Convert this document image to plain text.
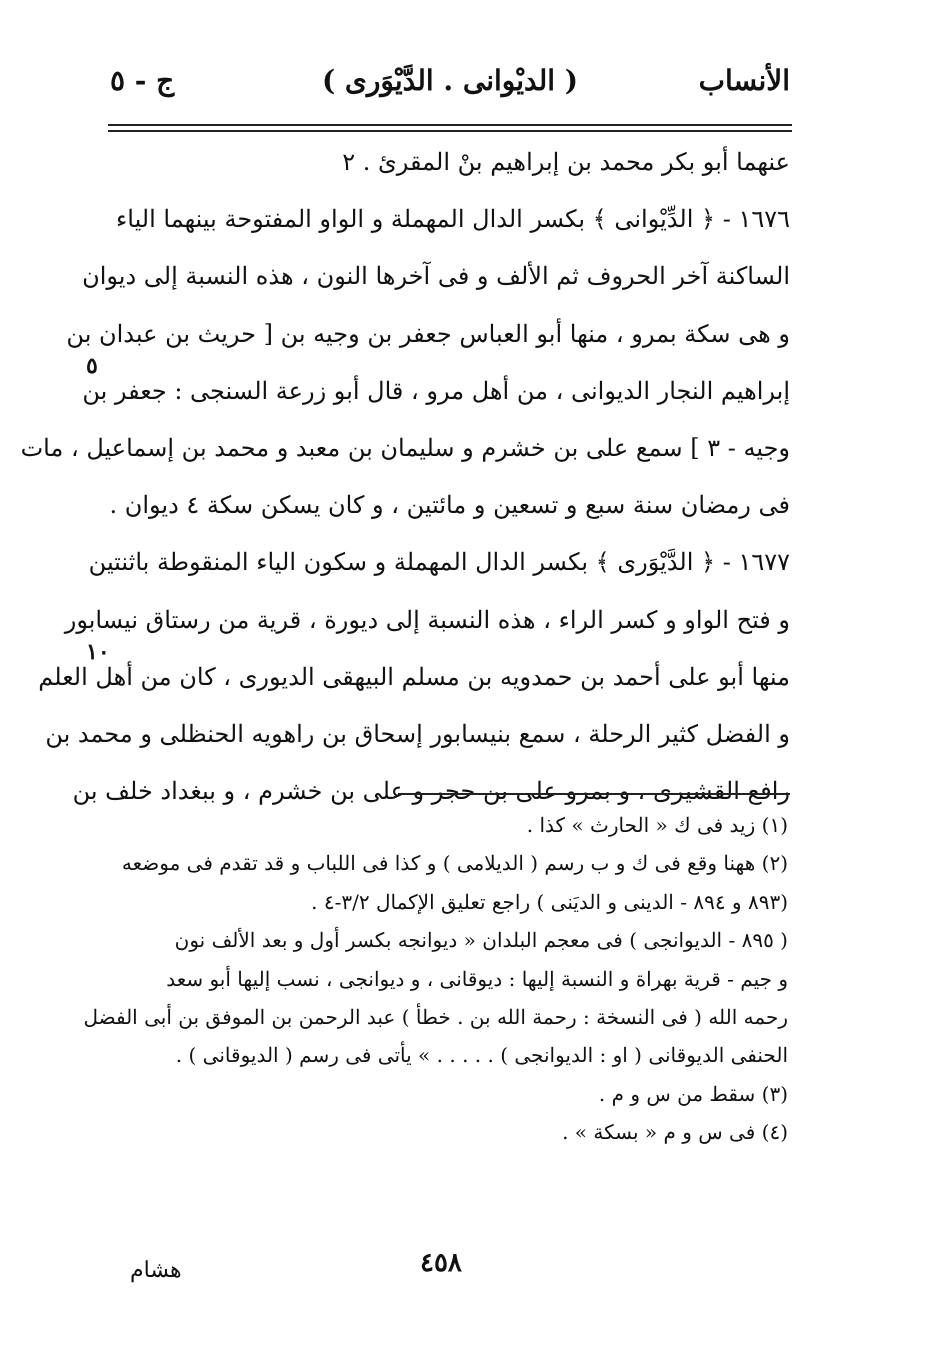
الأنساب
( الديْوانى . الدَّيْوَرى )
ج - ٥
٥
١٠
عنهما أبو بكر محمد بن إبراهيم بنْ المقرئ . ٢
١٦٧٦ - ﴿ الدِّيْوانى ﴾ بكسر الدال المهملة و الواو المفتوحة بينهما الياء
الساكنة آخر الحروف ثم الألف و فى آخرها النون ، هذه النسبة إلى ديوان
و هى سكة بمرو ، منها أبو العباس جعفر بن وجيه بن [ حريث بن عبدان بن
إبراهيم النجار الديوانى ، من أهل مرو ، قال أبو زرعة السنجى : جعفر بن
وجيه - ٣ ] سمع على بن خشرم و سليمان بن معبد و محمد بن إسماعيل ، مات
فى رمضان سنة سبع و تسعين و مائتين ، و كان يسكن سكة ٤ ديوان .
١٦٧٧ - ﴿ الدَّيْوَرى ﴾ بكسر الدال المهملة و سكون الياء المنقوطة باثنتين
و فتح الواو و كسر الراء ، هذه النسبة إلى ديورة ، قرية من رستاق نيسابور
منها أبو على أحمد بن حمدويه بن مسلم البيهقى الديورى ، كان من أهل العلم
و الفضل كثير الرحلة ، سمع بنيسابور إسحاق بن راهويه الحنظلى و محمد بن
رافع القشيرى ، و بمرو على بن حجر و على بن خشرم ، و ببغداد خلف بن
(١) زيد فى ك « الحارث » كذا .
(٢) ههنا وقع فى ك و ب رسم ( الديلامى ) و كذا فى اللباب و قد تقدم فى موضعه
(٨٩٣ و ٨٩٤ - الدينى و الديَنى ) راجع تعليق الإكمال ٣/٢-٤ .
( ٨٩٥ - الديوانجى ) فى معجم البلدان « ديوانجه بكسر أول و بعد الألف نون
و جيم - قرية بهراة و النسبة إليها : ديوقانى ، و ديوانجى ، نسب إليها أبو سعد
رحمه الله ( فى النسخة : رحمة الله بن . خطأ ) عبد الرحمن بن الموفق بن أبى الفضل
الحنفى الديوقانى ( او : الديوانجى ) . . . . . » يأتى فى رسم ( الديوقانى ) .
(٣) سقط من س و م .
(٤) فى س و م « بسكة » .
٤٥٨
هشام
